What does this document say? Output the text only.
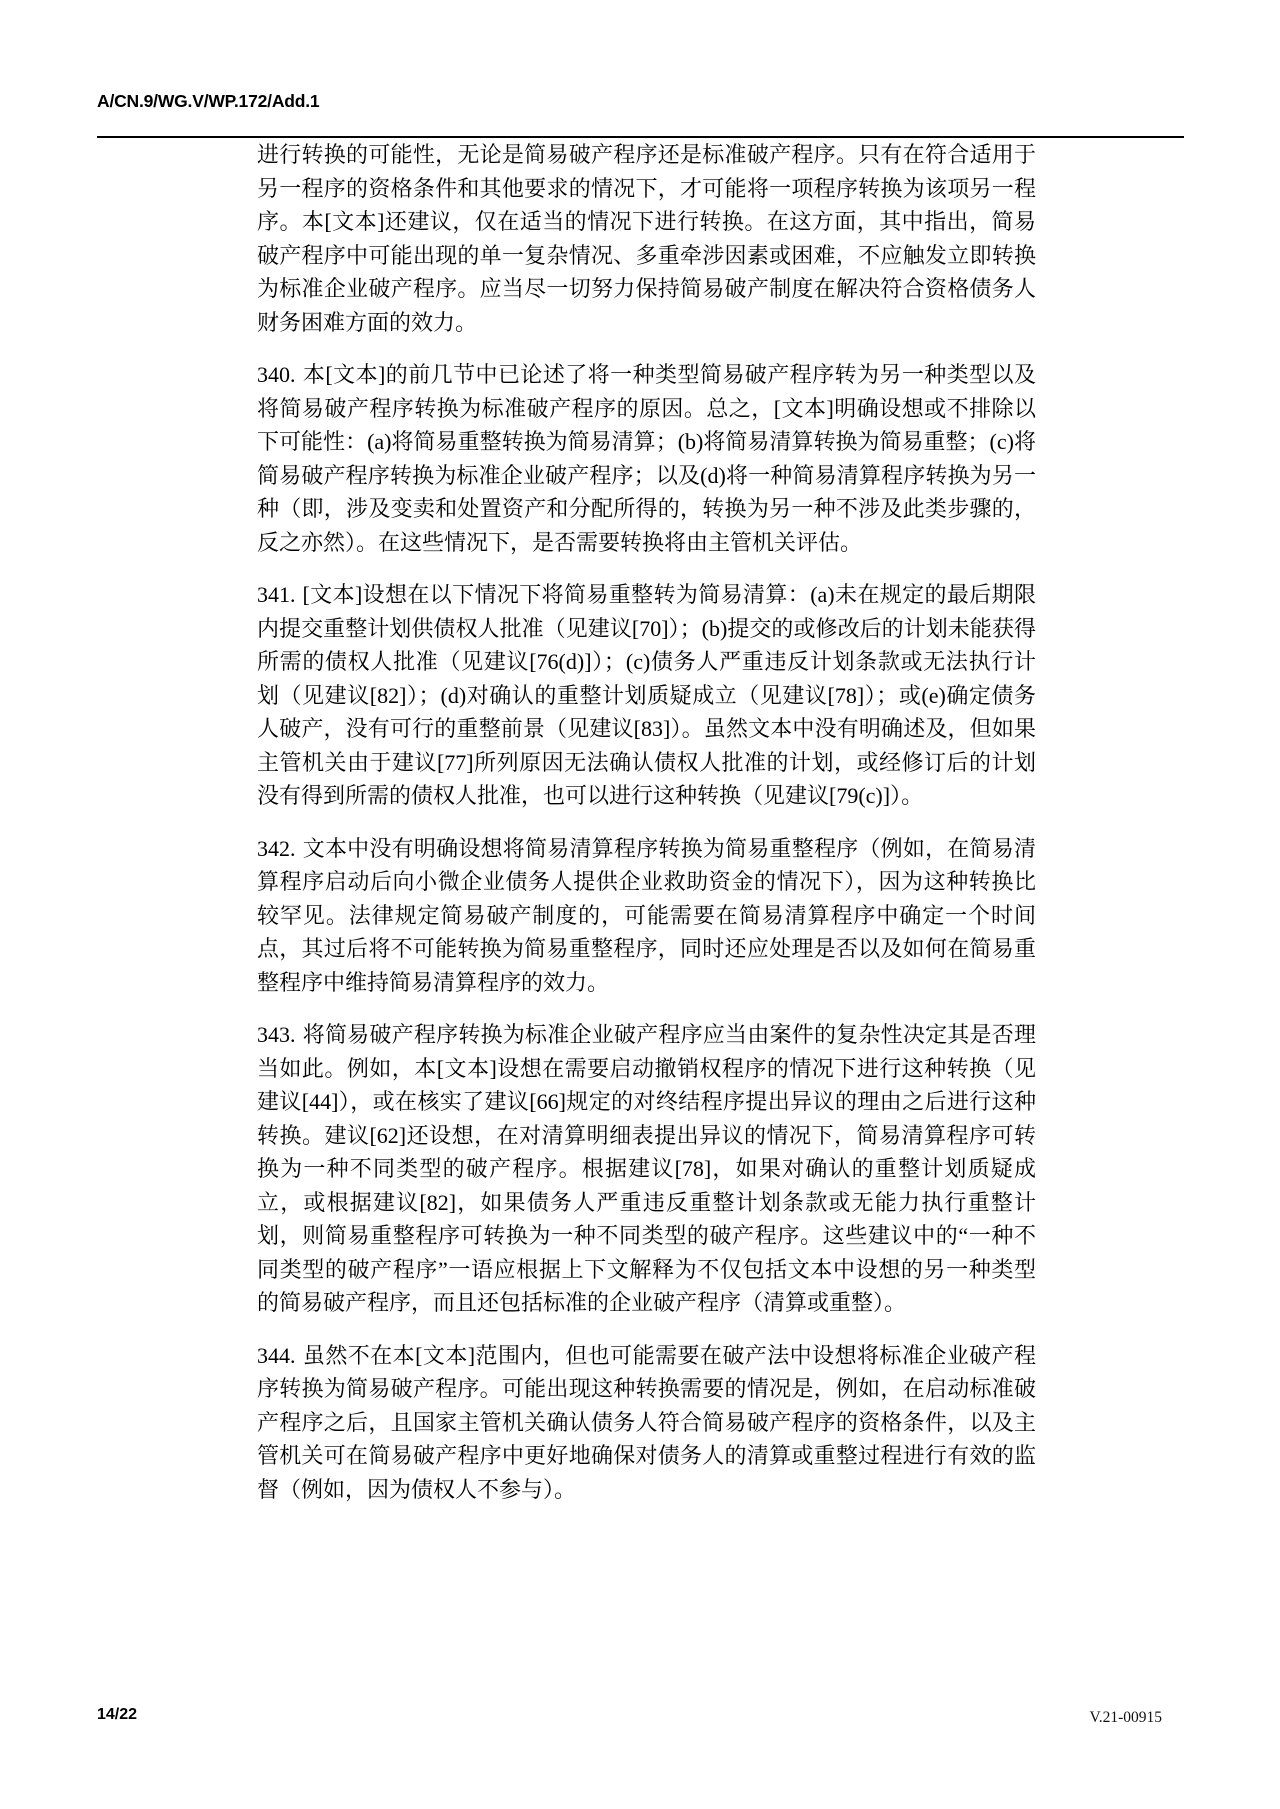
A/CN.9/WG.V/WP.172/Add.1

进行转换的可能性，无论是简易破产程序还是标准破产程序。只有在符合适用于另一程序的资格条件和其他要求的情况下，才可能将一项程序转换为该项另一程序。本[文本]还建议，仅在适当的情况下进行转换。在这方面，其中指出，简易破产程序中可能出现的单一复杂情况、多重牵涉因素或困难，不应触发立即转换为标准企业破产程序。应当尽一切努力保持简易破产制度在解决符合资格债务人财务困难方面的效力。

340. 本[文本]的前几节中已论述了将一种类型简易破产程序转为另一种类型以及将简易破产程序转换为标准破产程序的原因。总之，[文本]明确设想或不排除以下可能性：(a)将简易重整转换为简易清算；(b)将简易清算转换为简易重整；(c)将简易破产程序转换为标准企业破产程序；以及(d)将一种简易清算程序转换为另一种（即，涉及变卖和处置资产和分配所得的，转换为另一种不涉及此类步骤的，反之亦然）。在这些情况下，是否需要转换将由主管机关评估。

341. [文本]设想在以下情况下将简易重整转为简易清算：(a)未在规定的最后期限内提交重整计划供债权人批准（见建议[70]）；(b)提交的或修改后的计划未能获得所需的债权人批准（见建议[76(d)]）；(c)债务人严重违反计划条款或无法执行计划（见建议[82]）；(d)对确认的重整计划质疑成立（见建议[78]）；或(e)确定债务人破产，没有可行的重整前景（见建议[83]）。虽然文本中没有明确述及，但如果主管机关由于建议[77]所列原因无法确认债权人批准的计划，或经修订后的计划没有得到所需的债权人批准，也可以进行这种转换（见建议[79(c)]）。

342. 文本中没有明确设想将简易清算程序转换为简易重整程序（例如，在简易清算程序启动后向小微企业债务人提供企业救助资金的情况下），因为这种转换比较罕见。法律规定简易破产制度的，可能需要在简易清算程序中确定一个时间点，其过后将不可能转换为简易重整程序，同时还应处理是否以及如何在简易重整程序中维持简易清算程序的效力。

343. 将简易破产程序转换为标准企业破产程序应当由案件的复杂性决定其是否理当如此。例如，本[文本]设想在需要启动撤销权程序的情况下进行这种转换（见建议[44]），或在核实了建议[66]规定的对终结程序提出异议的理由之后进行这种转换。建议[62]还设想，在对清算明细表提出异议的情况下，简易清算程序可转换为一种不同类型的破产程序。根据建议[78]，如果对确认的重整计划质疑成立，或根据建议[82]，如果债务人严重违反重整计划条款或无能力执行重整计划，则简易重整程序可转换为一种不同类型的破产程序。这些建议中的“一种不同类型的破产程序”一语应根据上下文解释为不仅包括文本中设想的另一种类型的简易破产程序，而且还包括标准的企业破产程序（清算或重整）。

344. 虽然不在本[文本]范围内，但也可能需要在破产法中设想将标准企业破产程序转换为简易破产程序。可能出现这种转换需要的情况是，例如，在启动标准破产程序之后，且国家主管机关确认债务人符合简易破产程序的资格条件，以及主管机关可在简易破产程序中更好地确保对债务人的清算或重整过程进行有效的监督（例如，因为债权人不参与）。

14/22	V.21-00915
